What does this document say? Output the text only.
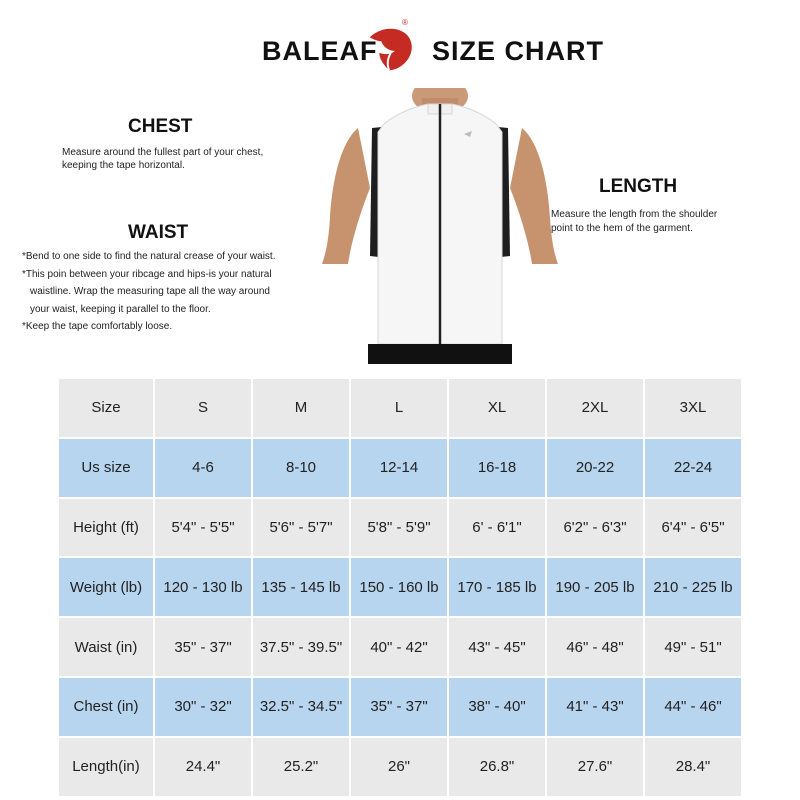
BALEAF
®
SIZE CHART
CHEST
Measure around the fullest part of your chest,
keeping the tape horizontal.
WAIST
*Bend to one side to find the natural crease of your waist.
*This poin between your ribcage and hips-is your natural
waistline. Wrap the measuring tape all the way around
your waist, keeping it parallel to the floor.
*Keep the tape comfortably loose.
LENGTH
Measure the length from the shoulder
point to the hem of the garment.
Size	S	M	L	XL	2XL	3XL
Us size	4-6	8-10	12-14	16-18	20-22	22-24
Height (ft)	5'4" - 5'5"	5'6" - 5'7"	5'8" - 5'9"	6' - 6'1"	6'2" - 6'3"	6'4" - 6'5"
Weight (lb)	120 - 130 lb	135 - 145 lb	150 - 160 lb	170 - 185 lb	190 - 205 lb	210 - 225 lb
Waist (in)	35" - 37"	37.5" - 39.5"	40" - 42"	43" - 45"	46" - 48"	49" - 51"
Chest (in)	30" - 32"	32.5" - 34.5"	35" - 37"	38" - 40"	41" - 43"	44" - 46"
Length(in)	24.4"	25.2"	26"	26.8"	27.6"	28.4"
